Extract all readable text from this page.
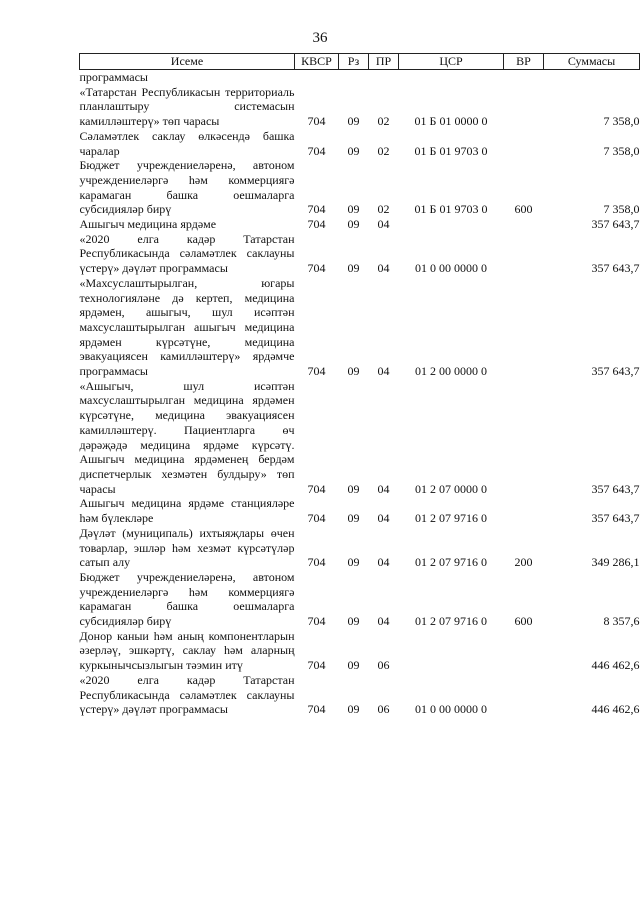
36
Исеме	КВСР	Рз	ПР	ЦСР	ВР	Суммасы
программасы						
«Татарстан Республикасын территориаль планлаштыру системасын камилләштерү» төп чарасы	704	09	02	01 Б 01 0000 0		7 358,0
Сәламәтлек саклау өлкәсендә башка чаралар	704	09	02	01 Б 01 9703 0		7 358,0
Бюджет учреждениеләренә, автоном учреждениеләргә һәм коммерциягә карамаган башка оешмаларга субсидияләр бирү	704	09	02	01 Б 01 9703 0	600	7 358,0
Ашыгыч медицина ярдәме	704	09	04			357 643,7
«2020 елга кадәр Татарстан Республикасында сәламәтлек саклауны үстерү» дәүләт программасы	704	09	04	01 0 00 0000 0		357 643,7
«Махсуслаштырылган, югары технологияләне дә кертеп, медицина ярдәмен, ашыгыч, шул исәптән махсуслаштырылган ашыгыч медицина ярдәмен күрсәтүне, медицина эвакуациясен камилләштерү» ярдәмче программасы	704	09	04	01 2 00 0000 0		357 643,7
«Ашыгыч, шул исәптән махсуслаштырылган медицина ярдәмен күрсәтүне, медицина эвакуациясен камилләштерү. Пациентларга өч дәрәҗәдә медицина ярдәме күрсәтү. Ашыгыч медицина ярдәменең бердәм диспетчерлык хезмәтен булдыру» төп чарасы	704	09	04	01 2 07 0000 0		357 643,7
Ашыгыч медицина ярдәме станцияләре һәм бүлекләре	704	09	04	01 2 07 9716 0		357 643,7
Дәүләт (муниципаль) ихтыяҗлары өчен товарлар, эшләр һәм хезмәт күрсәтүләр сатып алу	704	09	04	01 2 07 9716 0	200	349 286,1
Бюджет учреждениеләренә, автоном учреждениеләргә һәм коммерциягә карамаган башка оешмаларга субсидияләр бирү	704	09	04	01 2 07 9716 0	600	8 357,6
Донор каныи һәм аның компонентларын әзерләү, эшкәртү, саклау һәм аларның куркынычсызлыгын тәэмин итү	704	09	06			446 462,6
«2020 елга кадәр Татарстан Республикасында сәламәтлек саклауны үстерү» дәүләт программасы	704	09	06	01 0 00 0000 0		446 462,6
